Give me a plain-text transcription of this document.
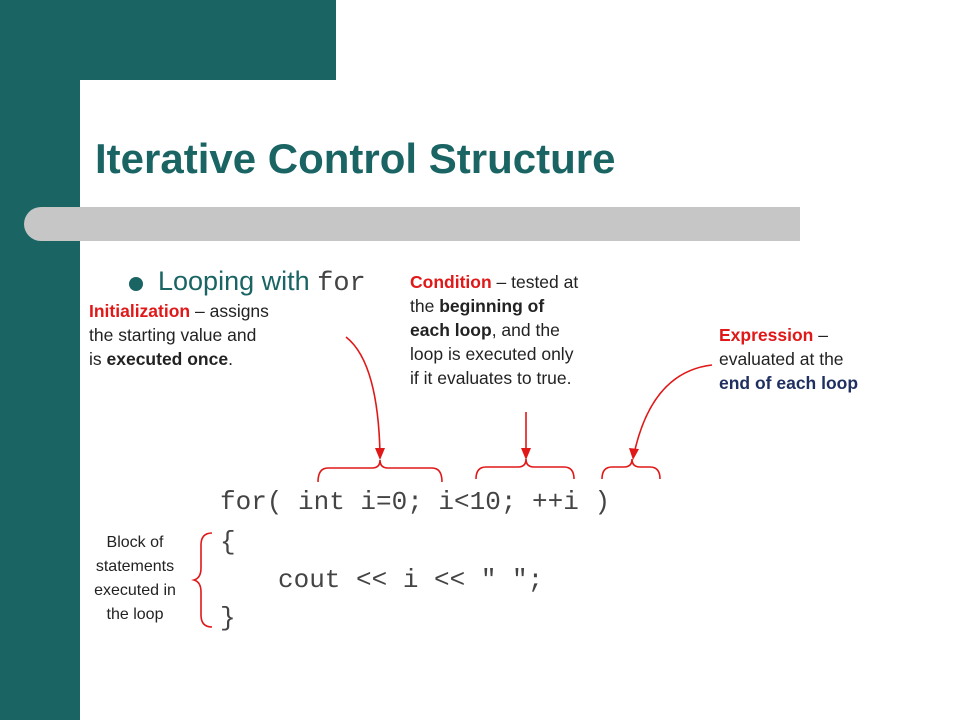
Iterative Control Structure
Looping with for
Initialization – assigns
the starting value and
is executed once.
Condition – tested at
the beginning of
each loop, and the
loop is executed only
if it evaluates to true.
Expression –
evaluated at the
end of each loop
Block of
statements
executed in
the loop
for( int i=0; i<10; ++i )
{
cout << i << " ";
}
